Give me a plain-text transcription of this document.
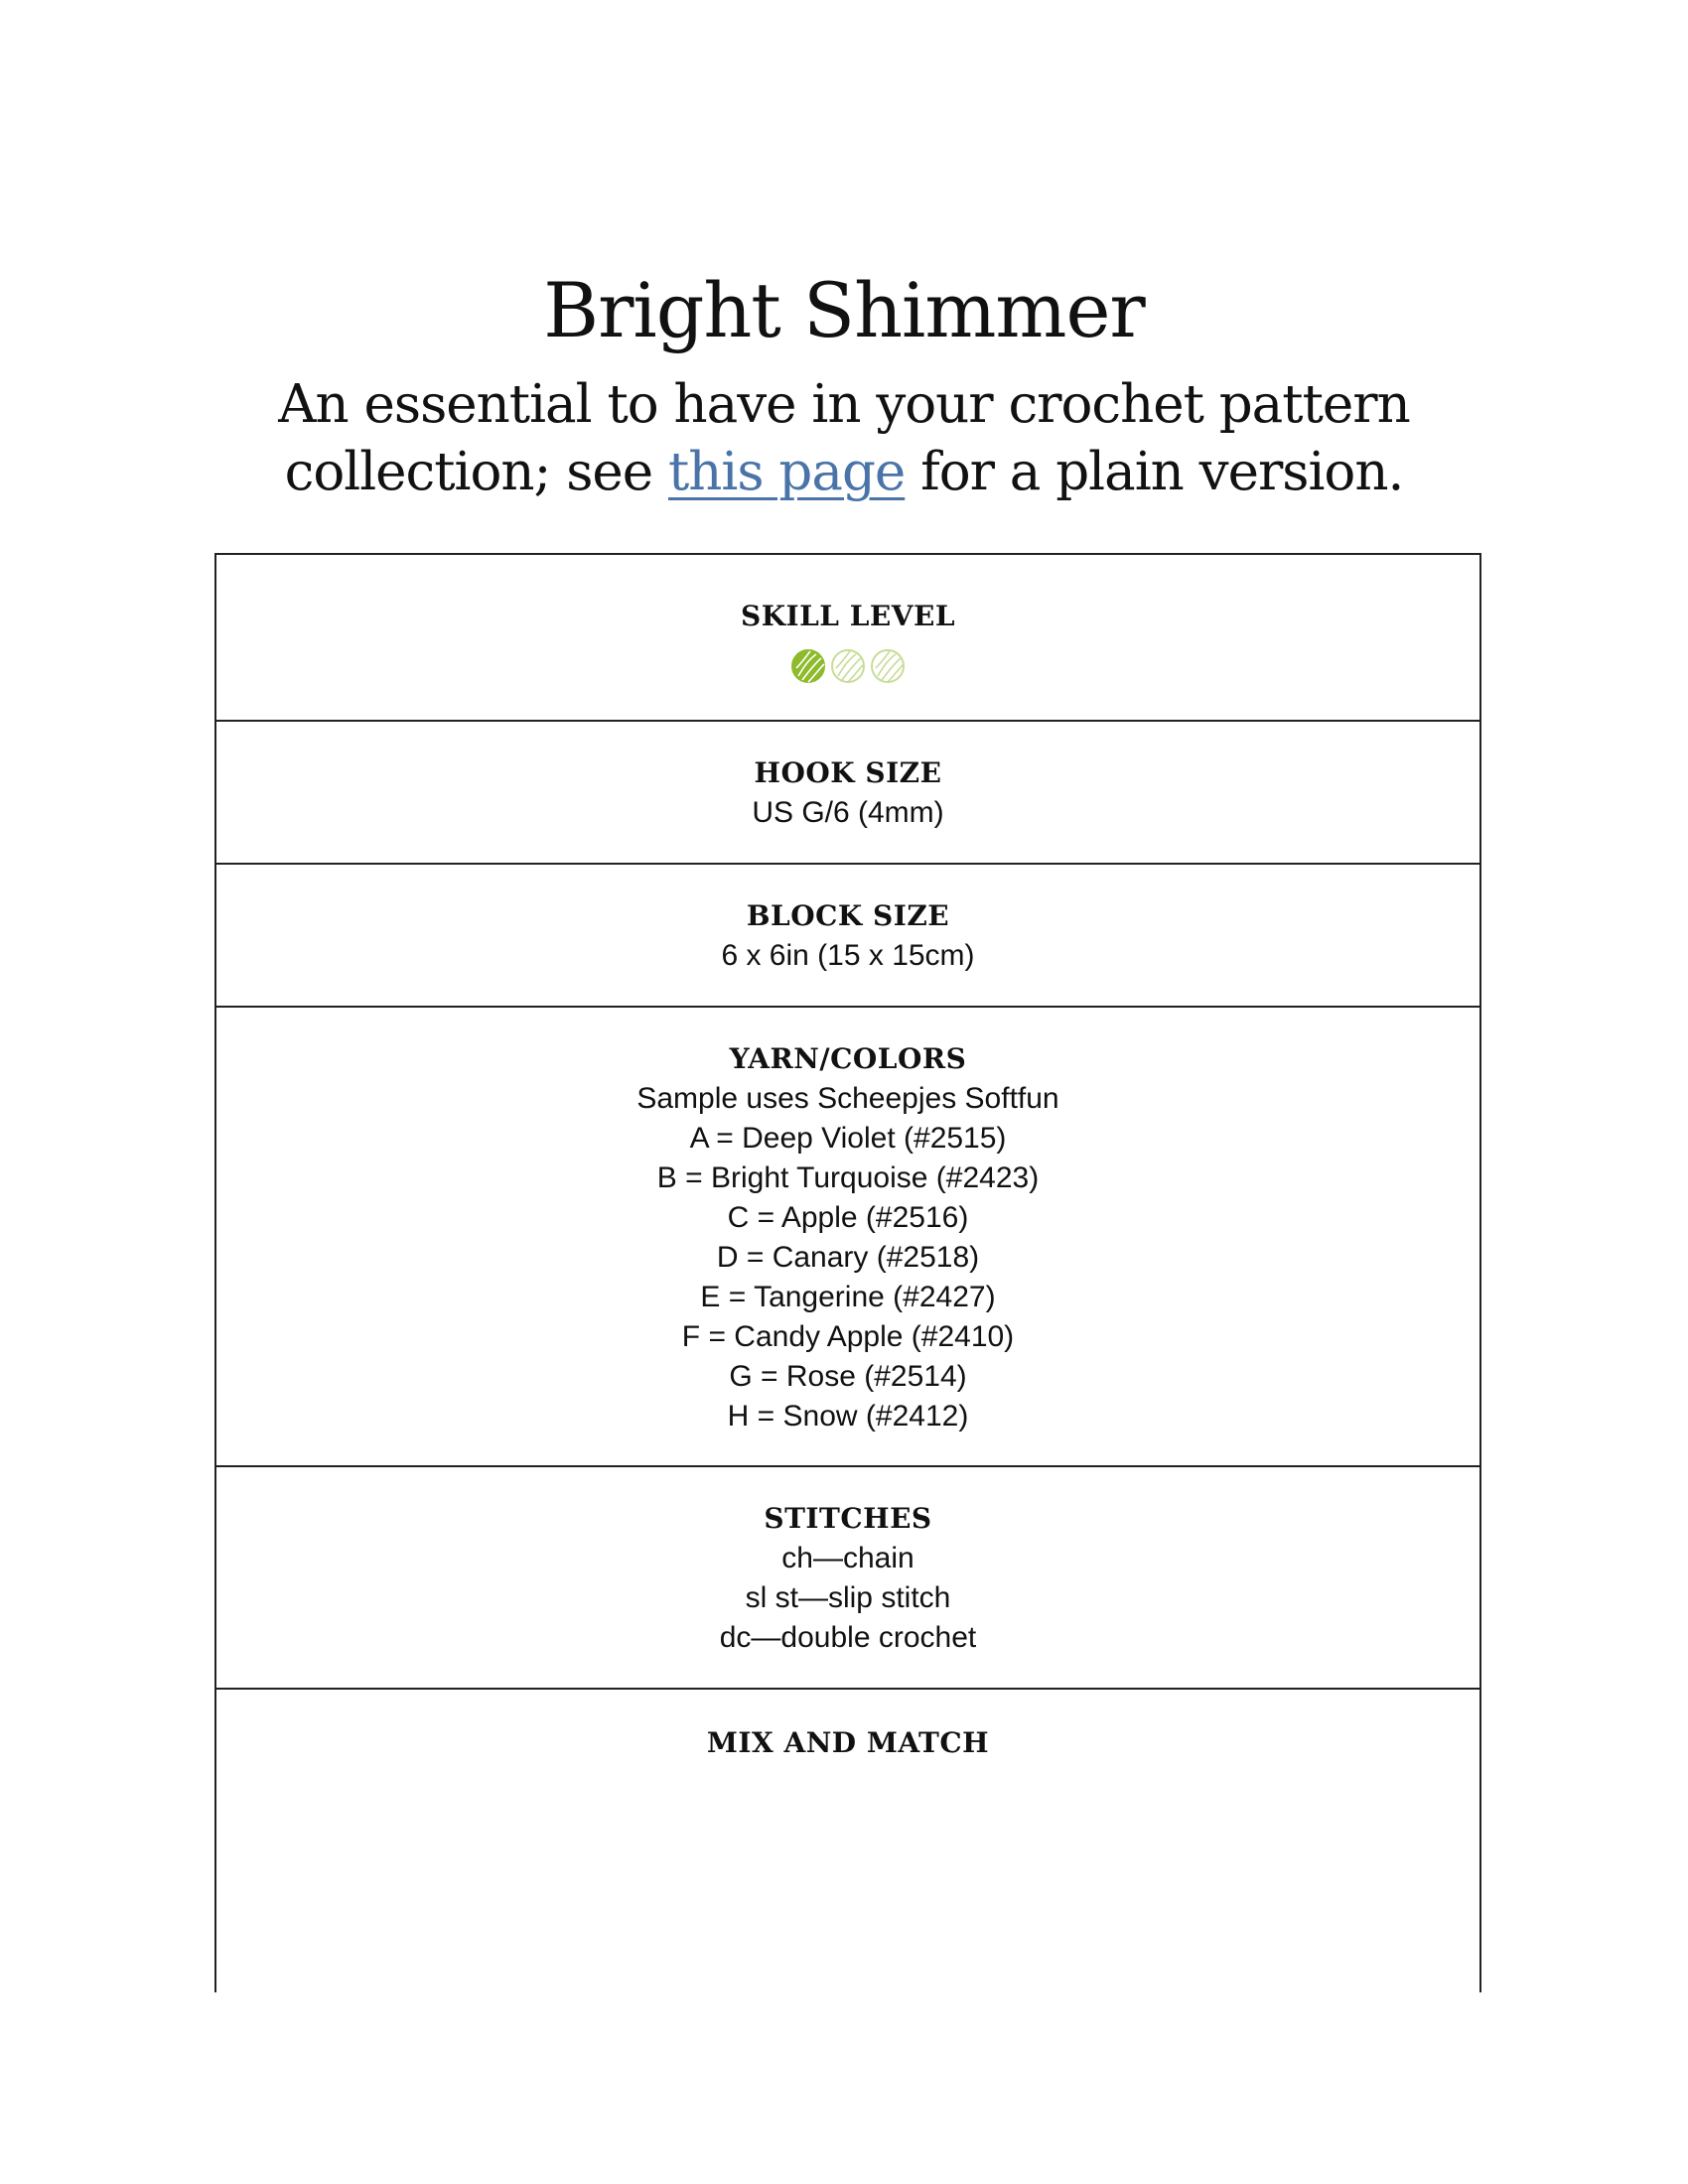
Bright Shimmer

An essential to have in your crochet pattern collection; see this page for a plain version.

SKILL LEVEL
HOOK SIZE
US G/6 (4mm)
BLOCK SIZE
6 x 6in (15 x 15cm)
YARN/COLORS
Sample uses Scheepjes Softfun
A = Deep Violet (#2515)
B = Bright Turquoise (#2423)
C = Apple (#2516)
D = Canary (#2518)
E = Tangerine (#2427)
F = Candy Apple (#2410)
G = Rose (#2514)
H = Snow (#2412)
STITCHES
ch—chain
sl st—slip stitch
dc—double crochet
MIX AND MATCH
